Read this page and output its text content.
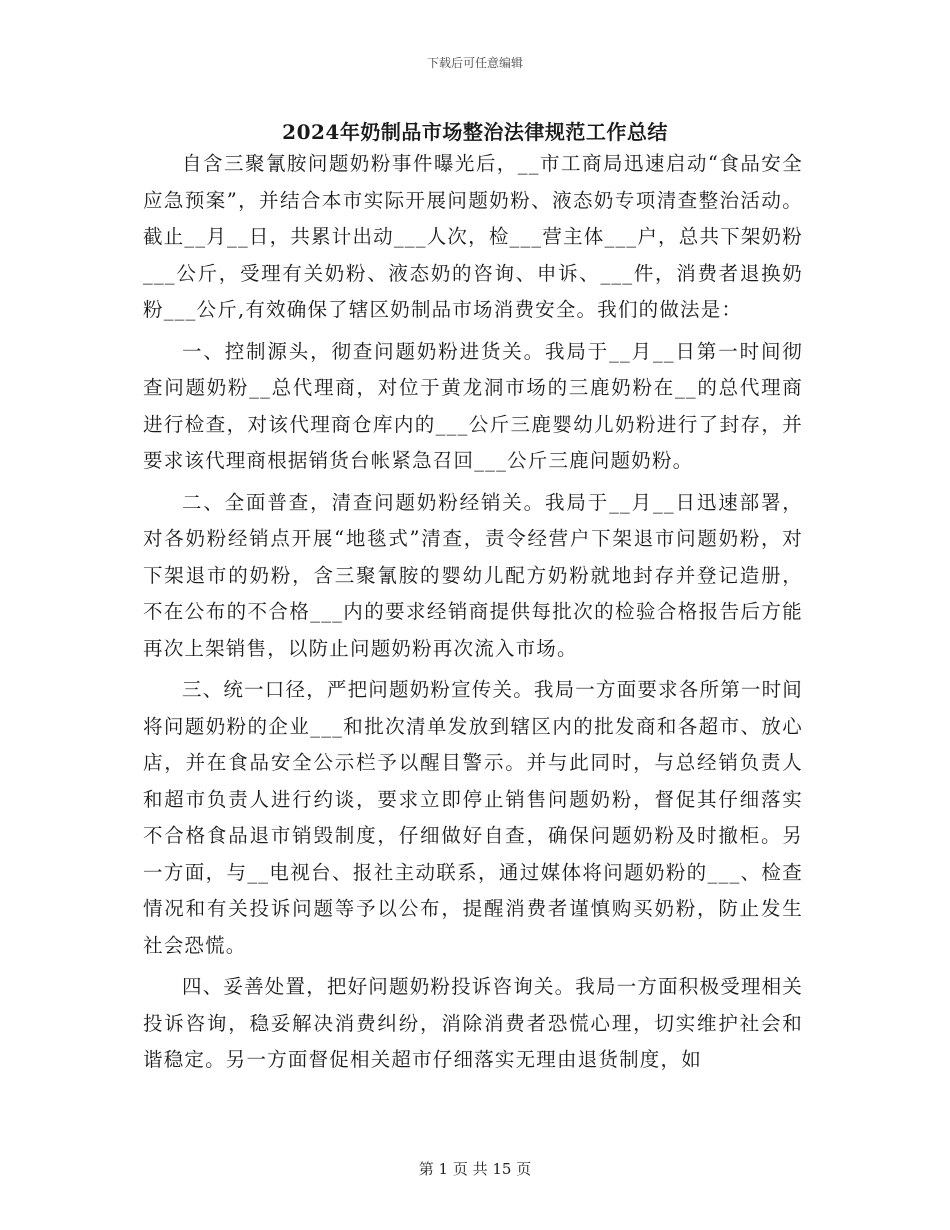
下载后可任意编辑
2024年奶制品市场整治法律规范工作总结

自含三聚氰胺问题奶粉事件曝光后，__市工商局迅速启动“食品安全应急预案”，并结合本市实际开展问题奶粉、液态奶专项清查整治活动。截止__月__日，共累计出动___人次，检___营主体___户，总共下架奶粉___公斤，受理有关奶粉、液态奶的咨询、申诉、___件，消费者退换奶粉___公斤,有效确保了辖区奶制品市场消费安全。我们的做法是：

一、控制源头，彻查问题奶粉进货关。我局于__月__日第一时间彻查问题奶粉__总代理商，对位于黄龙洞市场的三鹿奶粉在__的总代理商进行检查，对该代理商仓库内的___公斤三鹿婴幼儿奶粉进行了封存，并要求该代理商根据销货台帐紧急召回___公斤三鹿问题奶粉。

二、全面普查，清查问题奶粉经销关。我局于__月__日迅速部署，对各奶粉经销点开展“地毯式”清查，责令经营户下架退市问题奶粉，对下架退市的奶粉，含三聚氰胺的婴幼儿配方奶粉就地封存并登记造册，不在公布的不合格___内的要求经销商提供每批次的检验合格报告后方能再次上架销售，以防止问题奶粉再次流入市场。

三、统一口径，严把问题奶粉宣传关。我局一方面要求各所第一时间将问题奶粉的企业___和批次清单发放到辖区内的批发商和各超市、放心店，并在食品安全公示栏予以醒目警示。并与此同时，与总经销负责人和超市负责人进行约谈，要求立即停止销售问题奶粉，督促其仔细落实不合格食品退市销毁制度，仔细做好自查，确保问题奶粉及时撤柜。另一方面，与__电视台、报社主动联系，通过媒体将问题奶粉的___、检查情况和有关投诉问题等予以公布，提醒消费者谨慎购买奶粉，防止发生社会恐慌。

四、妥善处置，把好问题奶粉投诉咨询关。我局一方面积极受理相关投诉咨询，稳妥解决消费纠纷，消除消费者恐慌心理，切实维护社会和谐稳定。另一方面督促相关超市仔细落实无理由退货制度，如

第 1 页 共 15 页
